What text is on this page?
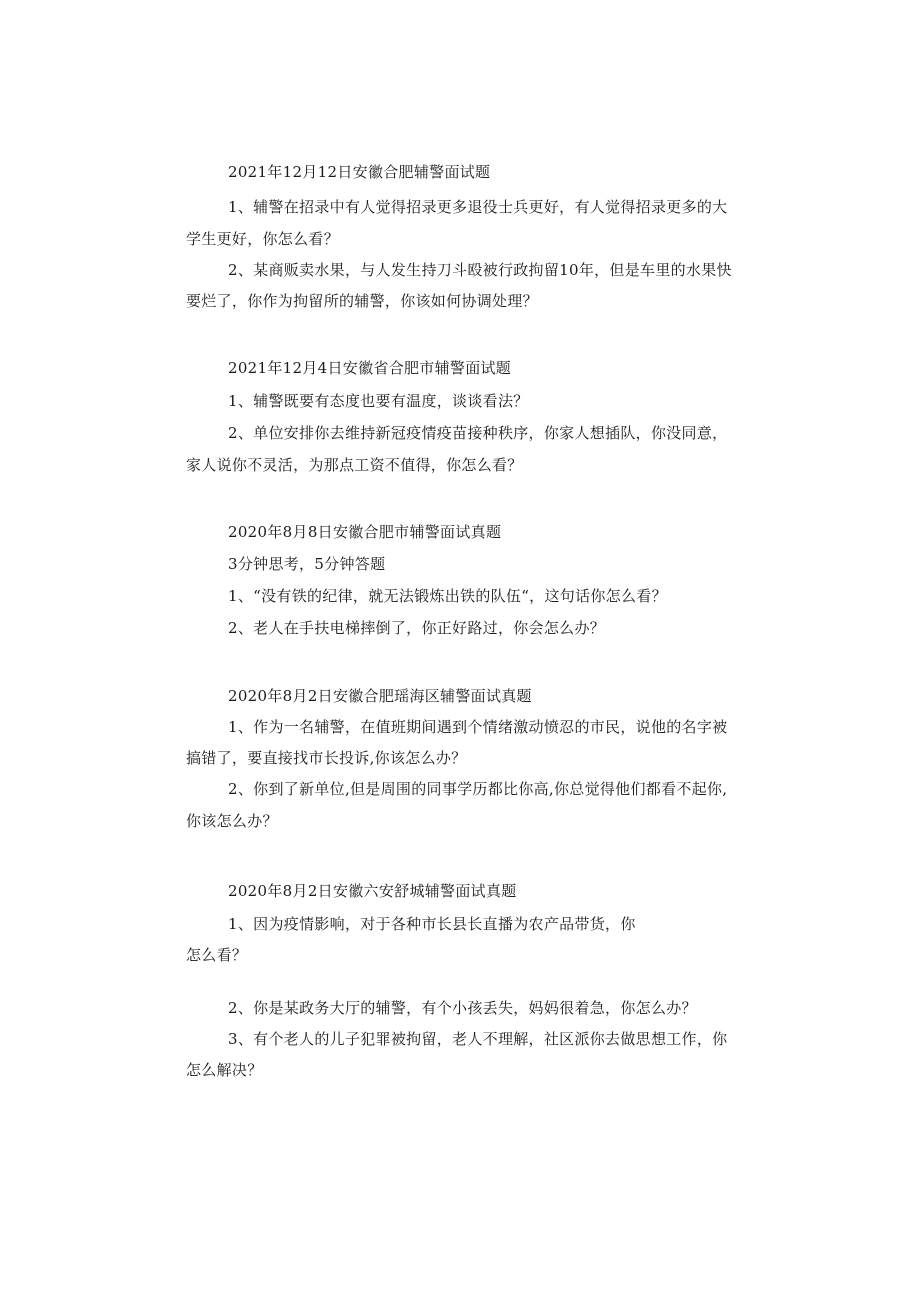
2021年12月12日安徽合肥辅警面试题
1、辅警在招录中有人觉得招录更多退役士兵更好，有人觉得招录更多的大
学生更好，你怎么看？
2、某商贩卖水果，与人发生持刀斗殴被行政拘留10年，但是车里的水果快
要烂了，你作为拘留所的辅警，你该如何协调处理？
2021年12月4日安徽省合肥市辅警面试题
1、辅警既要有态度也要有温度，谈谈看法？
2、单位安排你去维持新冠疫情疫苗接种秩序，你家人想插队，你没同意，
家人说你不灵活，为那点工资不值得，你怎么看？
2020年8月8日安徽合肥市辅警面试真题
3分钟思考，5分钟答题
1、“没有铁的纪律，就无法锻炼出铁的队伍“，这句话你怎么看？
2、老人在手扶电梯摔倒了，你正好路过，你会怎么办？
2020年8月2日安徽合肥瑶海区辅警面试真题
1、作为一名辅警，在值班期间遇到个情绪激动愤忍的市民，说他的名字被
搞错了，要直接找市长投诉,你该怎么办？
2、你到了新单位,但是周围的同事学历都比你高,你总觉得他们都看不起你,
你该怎么办？
2020年8月2日安徽六安舒城辅警面试真题
1、因为疫情影响，对于各种市长县长直播为农产品带货，你
怎么看？
2、你是某政务大厅的辅警，有个小孩丢失，妈妈很着急，你怎么办？
3、有个老人的儿子犯罪被拘留，老人不理解，社区派你去做思想工作，你
怎么解决？
